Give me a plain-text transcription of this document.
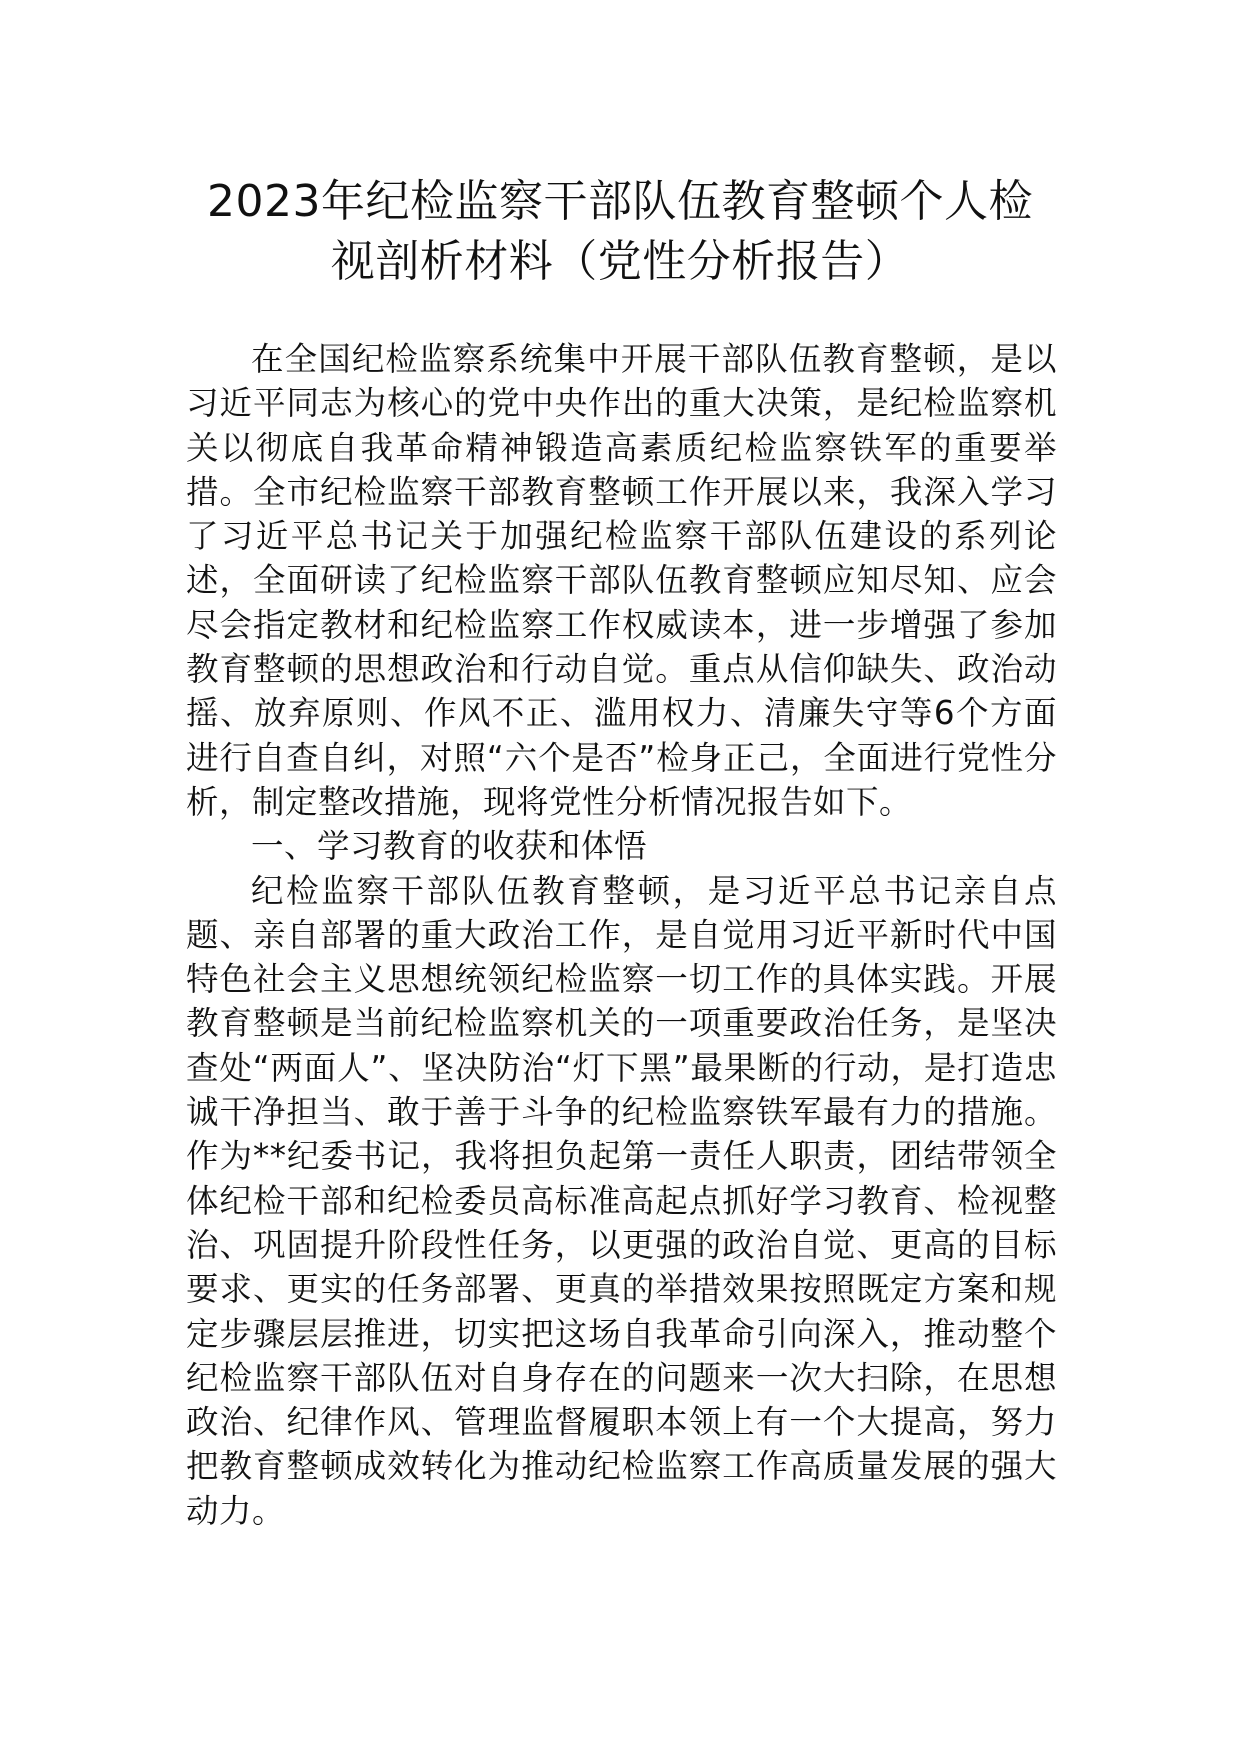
2023年纪检监察干部队伍教育整顿个人检
视剖析材料（党性分析报告）

在全国纪检监察系统集中开展干部队伍教育整顿，是以习近平同志为核心的党中央作出的重大决策，是纪检监察机关以彻底自我革命精神锻造高素质纪检监察铁军的重要举措。全市纪检监察干部教育整顿工作开展以来，我深入学习了习近平总书记关于加强纪检监察干部队伍建设的系列论述，全面研读了纪检监察干部队伍教育整顿应知尽知、应会尽会指定教材和纪检监察工作权威读本，进一步增强了参加教育整顿的思想政治和行动自觉。重点从信仰缺失、政治动摇、放弃原则、作风不正、滥用权力、清廉失守等6个方面进行自查自纠，对照“六个是否”检身正己，全面进行党性分析，制定整改措施，现将党性分析情况报告如下。

一、学习教育的收获和体悟

纪检监察干部队伍教育整顿，是习近平总书记亲自点题、亲自部署的重大政治工作，是自觉用习近平新时代中国特色社会主义思想统领纪检监察一切工作的具体实践。开展教育整顿是当前纪检监察机关的一项重要政治任务，是坚决查处“两面人”、坚决防治“灯下黑”最果断的行动，是打造忠诚干净担当、敢于善于斗争的纪检监察铁军最有力的措施。作为**纪委书记，我将担负起第一责任人职责，团结带领全体纪检干部和纪检委员高标准高起点抓好学习教育、检视整治、巩固提升阶段性任务，以更强的政治自觉、更高的目标要求、更实的任务部署、更真的举措效果按照既定方案和规定步骤层层推进，切实把这场自我革命引向深入，推动整个纪检监察干部队伍对自身存在的问题来一次大扫除，在思想政治、纪律作风、管理监督履职本领上有一个大提高，努力把教育整顿成效转化为推动纪检监察工作高质量发展的强大动力。
